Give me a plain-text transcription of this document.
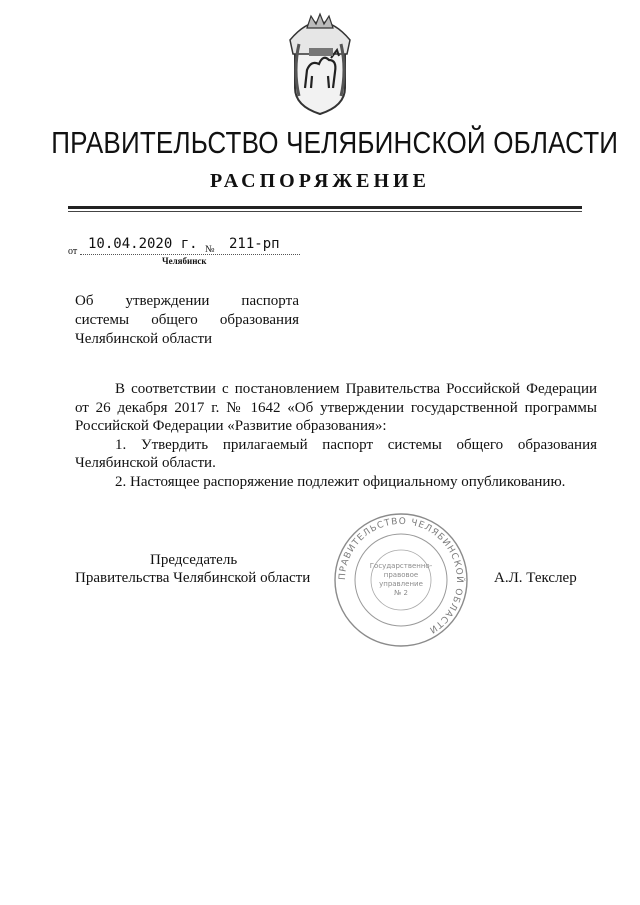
ПРАВИТЕЛЬСТВО ЧЕЛЯБИНСКОЙ ОБЛАСТИ
РАСПОРЯЖЕНИЕ
от 10.04.2020 г. № 211-рп
Челябинск
Об утверждении паспорта
системы общего образования
Челябинской области

В соответствии с постановлением Правительства Российской Федерации от 26 декабря 2017 г. № 1642 «Об утверждении государственной программы Российской Федерации «Развитие образования»:

1. Утвердить прилагаемый паспорт системы общего образования Челябинской области.

2. Настоящее распоряжение подлежит официальному опубликованию.

Председатель
Правительства Челябинской области	А.Л. Текслер
ПРАВИТЕЛЬСТВО ЧЕЛЯБИНСКОЙ ОБЛАСТИ
Государственно-
правовое
управление
№ 2
